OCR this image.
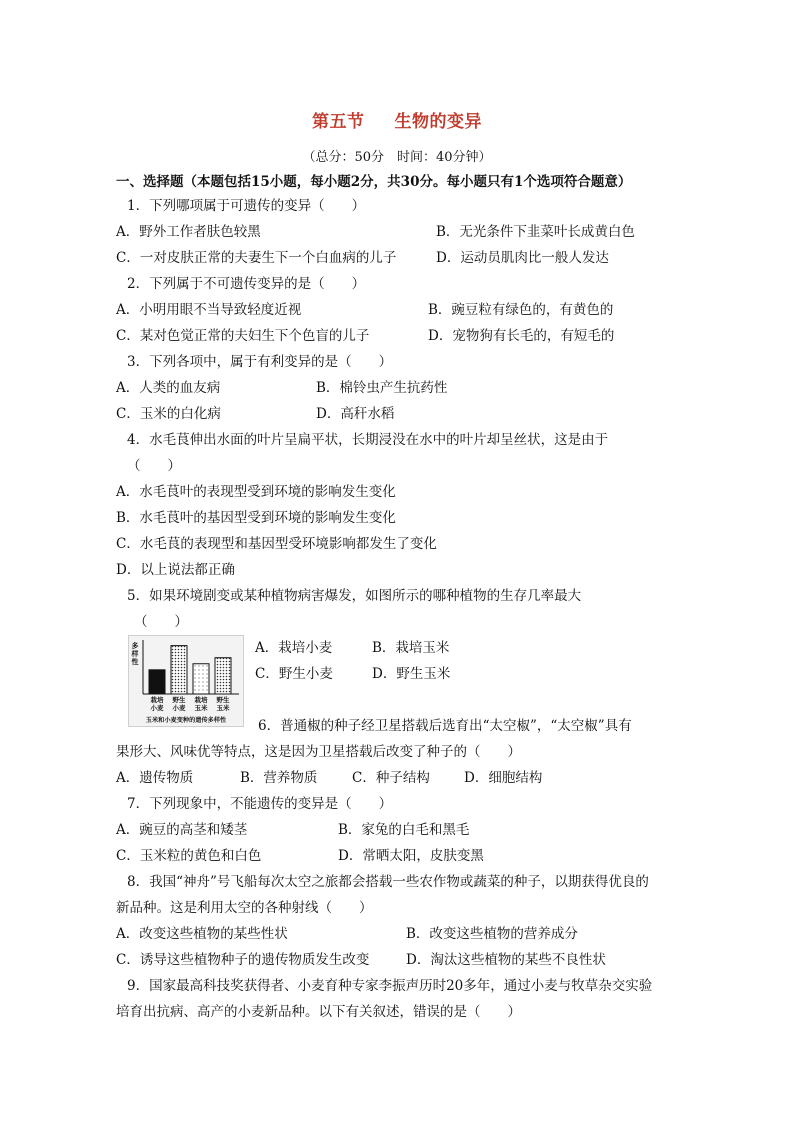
第五节 生物的变异
（总分：50分　时间：40分钟）
一、选择题（本题包括15小题，每小题2分，共30分。每小题只有1个选项符合题意）
1．下列哪项属于可遗传的变异（　　）
A．野外工作者肤色较黑	B．无光条件下韭菜叶长成黄白色
C．一对皮肤正常的夫妻生下一个白血病的儿子	D．运动员肌肉比一般人发达
2．下列属于不可遗传变异的是（　　）
A．小明用眼不当导致轻度近视	B．豌豆粒有绿色的，有黄色的
C．某对色觉正常的夫妇生下个色盲的儿子	D．宠物狗有长毛的，有短毛的
3．下列各项中，属于有利变异的是（　　）
A．人类的血友病	B．棉铃虫产生抗药性
C．玉米的白化病	D．高秆水稻
4．水毛茛伸出水面的叶片呈扁平状，长期浸没在水中的叶片却呈丝状，这是由于
（　　）
A．水毛茛叶的表现型受到环境的影响发生变化
B．水毛茛叶的基因型受到环境的影响发生变化
C．水毛茛的表现型和基因型受环境影响都发生了变化
D．以上说法都正确
5．如果环境剧变或某种植物病害爆发，如图所示的哪种植物的生存几率最大
（　　）
多
样
性
栽培
小麦
野生
小麦
栽培
玉米
野生
玉米
玉米和小麦变种的遗传多样性
A．栽培小麦	B．栽培玉米
C．野生小麦	D．野生玉米
6．普通椒的种子经卫星搭载后选育出“太空椒”，“太空椒”具有
果形大、风味优等特点，这是因为卫星搭载后改变了种子的（　　）
A．遗传物质	B．营养物质	C．种子结构	D．细胞结构
7．下列现象中，不能遗传的变异是（　　）
A．豌豆的高茎和矮茎	B．家兔的白毛和黑毛
C．玉米粒的黄色和白色	D．常晒太阳，皮肤变黑
8．我国“神舟”号飞船每次太空之旅都会搭载一些农作物或蔬菜的种子，以期获得优良的
新品种。这是利用太空的各种射线（　　）
A．改变这些植物的某些性状	B．改变这些植物的营养成分
C．诱导这些植物种子的遗传物质发生改变	D．淘汰这些植物的某些不良性状
9．国家最高科技奖获得者、小麦育种专家李振声历时20多年，通过小麦与牧草杂交实验
培育出抗病、高产的小麦新品种。以下有关叙述，错误的是（　　）
